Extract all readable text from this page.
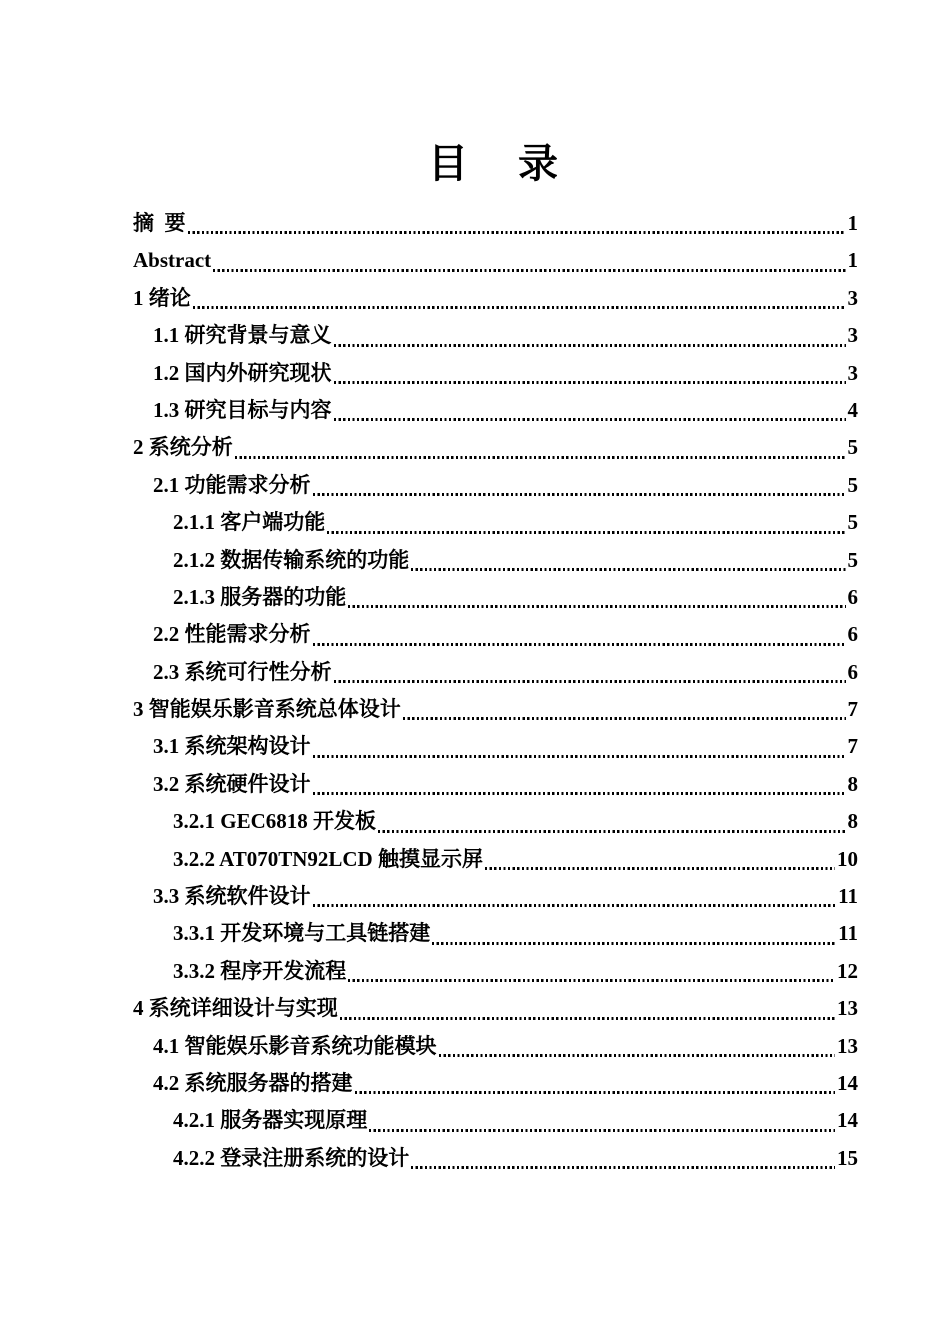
目　录
摘 要	1
Abstract	1
1 绪论	3
1.1 研究背景与意义	3
1.2 国内外研究现状	3
1.3 研究目标与内容	4
2 系统分析	5
2.1 功能需求分析	5
2.1.1 客户端功能	5
2.1.2 数据传输系统的功能	5
2.1.3 服务器的功能	6
2.2 性能需求分析	6
2.3 系统可行性分析	6
3 智能娱乐影音系统总体设计	7
3.1 系统架构设计	7
3.2 系统硬件设计	8
3.2.1 GEC6818 开发板	8
3.2.2 AT070TN92LCD 触摸显示屏	10
3.3 系统软件设计	11
3.3.1 开发环境与工具链搭建	11
3.3.2 程序开发流程	12
4 系统详细设计与实现	13
4.1 智能娱乐影音系统功能模块	13
4.2 系统服务器的搭建	14
4.2.1 服务器实现原理	14
4.2.2 登录注册系统的设计	15
